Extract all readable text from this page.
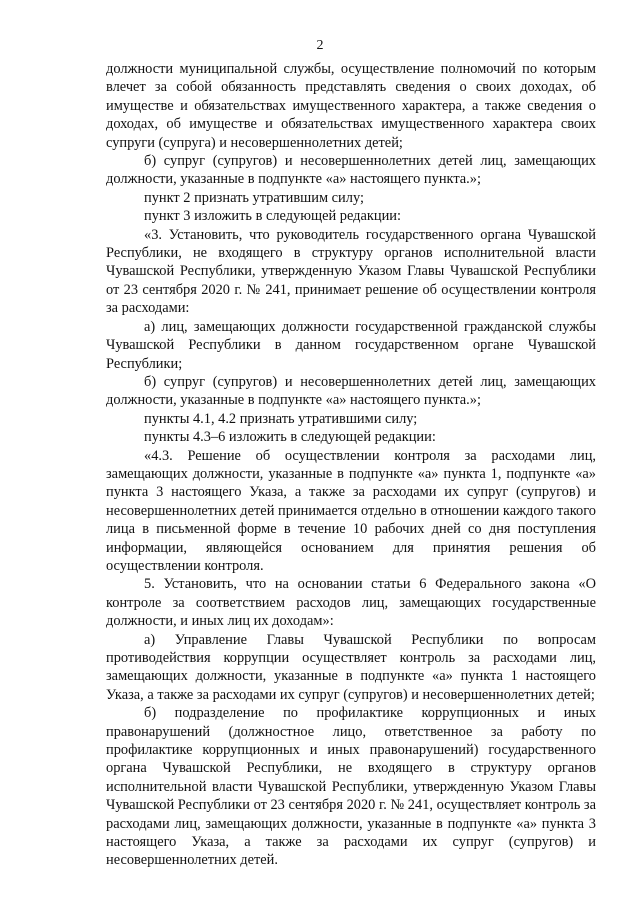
2

должности муниципальной службы, осуществление полномочий по которым влечет за собой обязанность представлять сведения о своих доходах, об имуществе и обязательствах имущественного характера, а также сведения о доходах, об имуществе и обязательствах имущественного характера своих супруги (супруга) и несовершеннолетних детей;

б) супруг (супругов) и несовершеннолетних детей лиц, замещающих должности, указанные в подпункте «а» настоящего пункта.»;

пункт 2 признать утратившим силу;

пункт 3 изложить в следующей редакции:

«3. Установить, что руководитель государственного органа Чувашской Республики, не входящего в структуру органов исполнительной власти Чувашской Республики, утвержденную Указом Главы Чувашской Республики от 23 сентября 2020 г. № 241, принимает решение об осуществлении контроля за расходами:

а) лиц, замещающих должности государственной гражданской службы Чувашской Республики в данном государственном органе Чувашской Республики;

б) супруг (супругов) и несовершеннолетних детей лиц, замещающих должности, указанные в подпункте «а» настоящего пункта.»;

пункты 4.1, 4.2 признать утратившими силу;

пункты 4.3–6 изложить в следующей редакции:

«4.3. Решение об осуществлении контроля за расходами лиц, замещающих должности, указанные в подпункте «а» пункта 1, подпункте «а» пункта 3 настоящего Указа, а также за расходами их супруг (супругов) и несовершеннолетних детей принимается отдельно в отношении каждого такого лица в письменной форме в течение 10 рабочих дней со дня поступления информации, являющейся основанием для принятия решения об осуществлении контроля.

5. Установить, что на основании статьи 6 Федерального закона «О контроле за соответствием расходов лиц, замещающих государственные должности, и иных лиц их доходам»:

а) Управление Главы Чувашской Республики по вопросам противодействия коррупции осуществляет контроль за расходами лиц, замещающих должности, указанные в подпункте «а» пункта 1 настоящего Указа, а также за расходами их супруг (супругов) и несовершеннолетних детей;

б) подразделение по профилактике коррупционных и иных правонарушений (должностное лицо, ответственное за работу по профилактике коррупционных и иных правонарушений) государственного органа Чувашской Республики, не входящего в структуру органов исполнительной власти Чувашской Республики, утвержденную Указом Главы Чувашской Республики от 23 сентября 2020 г. № 241, осуществляет контроль за расходами лиц, замещающих должности, указанные в подпункте «а» пункта 3 настоящего Указа, а также за расходами их супруг (супругов) и несовершеннолетних детей.
